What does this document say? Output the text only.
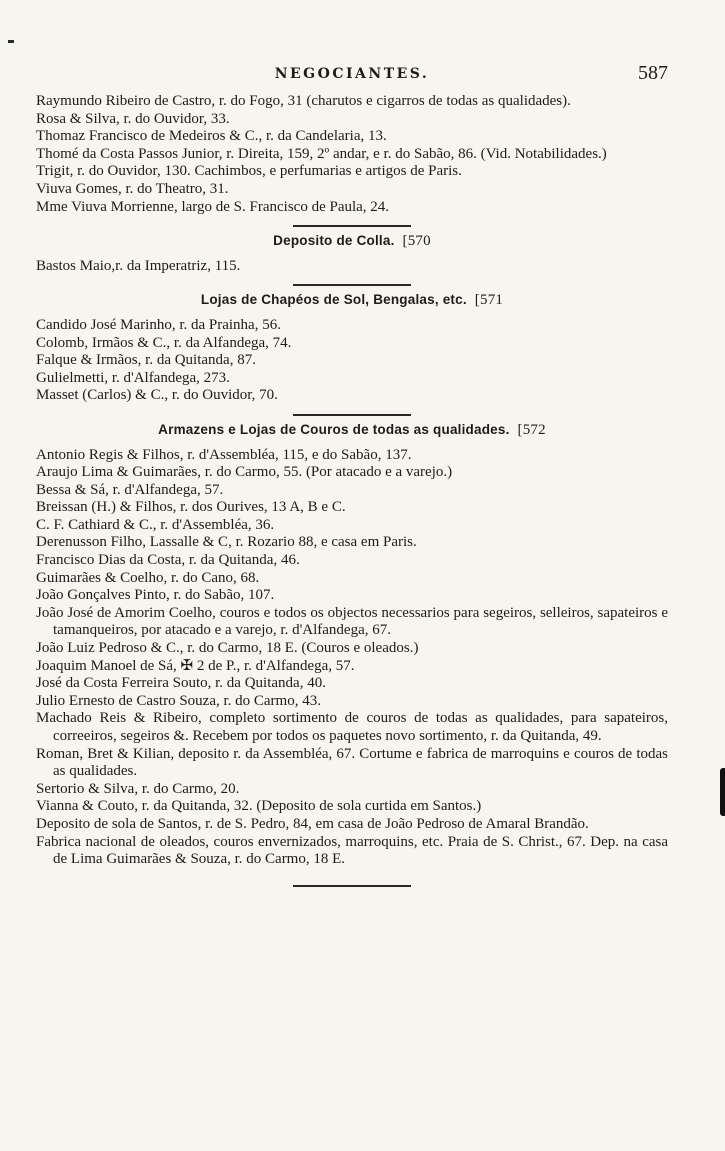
NEGOCIANTES.	587
Raymundo Ribeiro de Castro, r. do Fogo, 31 (charutos e cigarros de todas as qualidades).
Rosa & Silva, r. do Ouvidor, 33.
Thomaz Francisco de Medeiros & C., r. da Candelaria, 13.
Thomé da Costa Passos Junior, r. Direita, 159, 2º andar, e r. do Sabão, 86. (Vid. Notabilidades.)
Trigit, r. do Ouvidor, 130. Cachimbos, e perfumarias e artigos de Paris.
Viuva Gomes, r. do Theatro, 31.
Mme Viuva Morrienne, largo de S. Francisco de Paula, 24.
Deposito de Colla. [570
Bastos Maio,r. da Imperatriz, 115.
Lojas de Chapéos de Sol, Bengalas, etc. [571
Candido José Marinho, r. da Prainha, 56.
Colomb, Irmãos & C., r. da Alfandega, 74.
Falque & Irmãos, r. da Quitanda, 87.
Gulielmetti, r. d'Alfandega, 273.
Masset (Carlos) & C., r. do Ouvidor, 70.
Armazens e Lojas de Couros de todas as qualidades. [572
Antonio Regis & Filhos, r. d'Assembléa, 115, e do Sabão, 137.
Araujo Lima & Guimarães, r. do Carmo, 55. (Por atacado e a varejo.)
Bessa & Sá, r. d'Alfandega, 57.
Breissan (H.) & Filhos, r. dos Ourives, 13 A, B e C.
C. F. Cathiard & C., r. d'Assembléa, 36.
Derenusson Filho, Lassalle & C, r. Rozario 88, e casa em Paris.
Francisco Dias da Costa, r. da Quitanda, 46.
Guimarães & Coelho, r. do Cano, 68.
João Gonçalves Pinto, r. do Sabão, 107.
João José de Amorim Coelho, couros e todos os objectos necessarios para segeiros, selleiros, sapateiros e tamanqueiros, por atacado e a varejo, r. d'Alfandega, 67.
João Luiz Pedroso & C., r. do Carmo, 18 E. (Couros e oleados.)
Joaquim Manoel de Sá, ✠ 2 de P., r. d'Alfandega, 57.
José da Costa Ferreira Souto, r. da Quitanda, 40.
Julio Ernesto de Castro Souza, r. do Carmo, 43.
Machado Reis & Ribeiro, completo sortimento de couros de todas as qualidades, para sapateiros, correeiros, segeiros &. Recebem por todos os paquetes novo sortimento, r. da Quitanda, 49.
Roman, Bret & Kilian, deposito r. da Assembléa, 67. Cortume e fabrica de marroquins e couros de todas as qualidades.
Sertorio & Silva, r. do Carmo, 20.
Vianna & Couto, r. da Quitanda, 32. (Deposito de sola curtida em Santos.)
Deposito de sola de Santos, r. de S. Pedro, 84, em casa de João Pedroso de Amaral Brandão.
Fabrica nacional de oleados, couros envernizados, marroquins, etc. Praia de S. Christ., 67. Dep. na casa de Lima Guimarães & Souza, r. do Carmo, 18 E.
